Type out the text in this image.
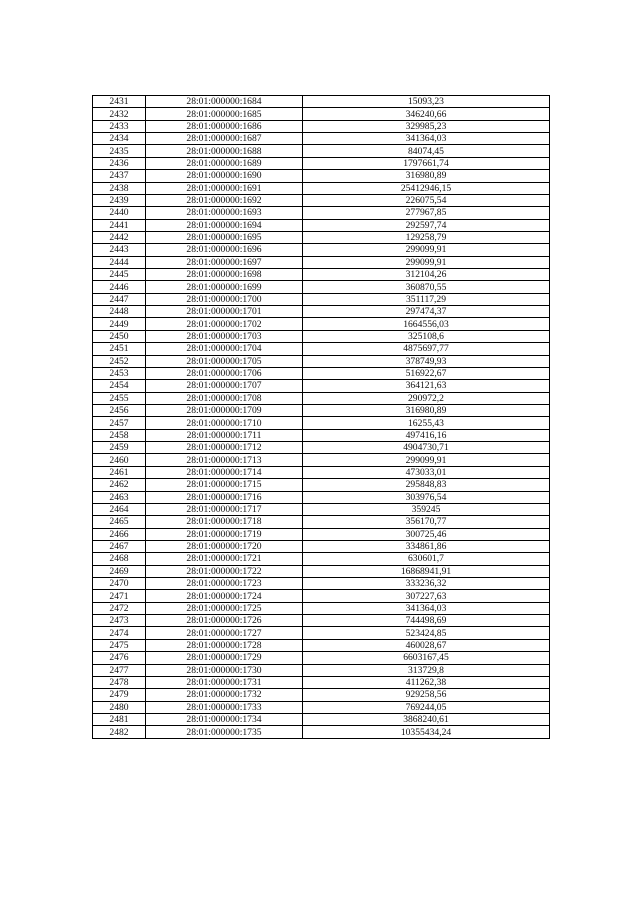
2431	28:01:000000:1684	15093,23
2432	28:01:000000:1685	346240,66
2433	28:01:000000:1686	329985,23
2434	28:01:000000:1687	341364,03
2435	28:01:000000:1688	84074,45
2436	28:01:000000:1689	1797661,74
2437	28:01:000000:1690	316980,89
2438	28:01:000000:1691	25412946,15
2439	28:01:000000:1692	226075,54
2440	28:01:000000:1693	277967,85
2441	28:01:000000:1694	292597,74
2442	28:01:000000:1695	129258,79
2443	28:01:000000:1696	299099,91
2444	28:01:000000:1697	299099,91
2445	28:01:000000:1698	312104,26
2446	28:01:000000:1699	360870,55
2447	28:01:000000:1700	351117,29
2448	28:01:000000:1701	297474,37
2449	28:01:000000:1702	1664556,03
2450	28:01:000000:1703	325108,6
2451	28:01:000000:1704	4875697,77
2452	28:01:000000:1705	378749,93
2453	28:01:000000:1706	516922,67
2454	28:01:000000:1707	364121,63
2455	28:01:000000:1708	290972,2
2456	28:01:000000:1709	316980,89
2457	28:01:000000:1710	16255,43
2458	28:01:000000:1711	497416,16
2459	28:01:000000:1712	4904730,71
2460	28:01:000000:1713	299099,91
2461	28:01:000000:1714	473033,01
2462	28:01:000000:1715	295848,83
2463	28:01:000000:1716	303976,54
2464	28:01:000000:1717	359245
2465	28:01:000000:1718	356170,77
2466	28:01:000000:1719	300725,46
2467	28:01:000000:1720	334861,86
2468	28:01:000000:1721	630601,7
2469	28:01:000000:1722	16868941,91
2470	28:01:000000:1723	333236,32
2471	28:01:000000:1724	307227,63
2472	28:01:000000:1725	341364,03
2473	28:01:000000:1726	744498,69
2474	28:01:000000:1727	523424,85
2475	28:01:000000:1728	460028,67
2476	28:01:000000:1729	6603167,45
2477	28:01:000000:1730	313729,8
2478	28:01:000000:1731	411262,38
2479	28:01:000000:1732	929258,56
2480	28:01:000000:1733	769244,05
2481	28:01:000000:1734	3868240,61
2482	28:01:000000:1735	10355434,24
